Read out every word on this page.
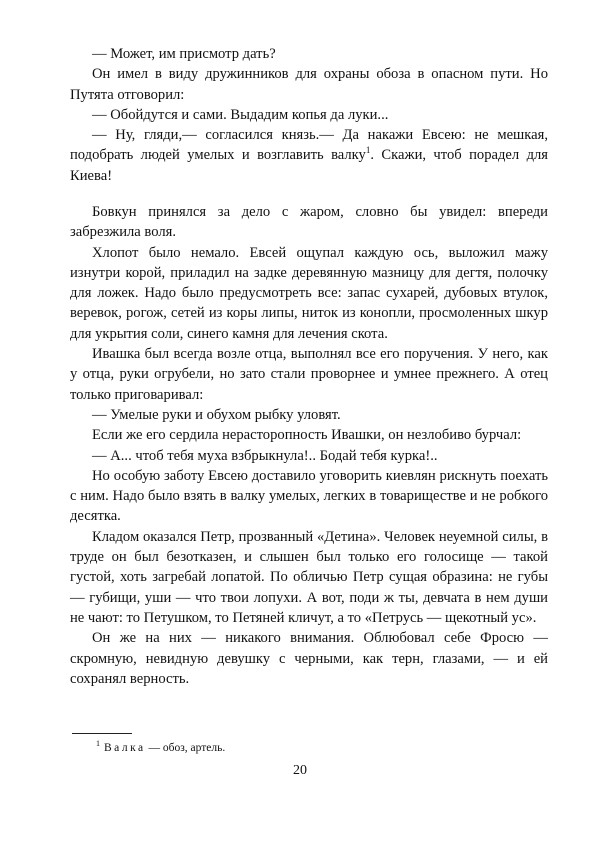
— Может, им присмотр дать?

Он имел в виду дружинников для охраны обоза в опасном пути. Но Путята отговорил:

— Обойдутся и сами. Выдадим копья да луки...

— Ну, гляди,— согласился князь.— Да накажи Евсею: не мешкая, подобрать людей умелых и возглавить валку$^1$. Скажи, чтоб порадел для Киева!

Бовкун принялся за дело с жаром, словно бы увидел: впереди забрезжила воля.

Хлопот было немало. Евсей ощупал каждую ось, выложил мажу изнутри корой, приладил на задке деревянную мазницу для дегтя, полочку для ложек. Надо было предусмотреть все: запас сухарей, дубовых втулок, веревок, рогож, сетей из коры липы, ниток из конопли, просмоленных шкур для укрытия соли, синего камня для лечения скота.

Ивашка был всегда возле отца, выполнял все его поручения. У него, как у отца, руки огрубели, но зато стали проворнее и умнее прежнего. А отец только приговаривал:

— Умелые руки и обухом рыбку уловят.

Если же его сердила нерасторопность Ивашки, он незлобиво бурчал:

— А... чтоб тебя муха взбрыкнула!.. Бодай тебя курка!..

Но особую заботу Евсею доставило уговорить киевлян рискнуть поехать с ним. Надо было взять в валку умелых, легких в товариществе и не робкого десятка.

Кладом оказался Петр, прозванный «Детина». Человек неуемной силы, в труде он был безотказен, и слышен был только его голосище — такой густой, хоть загребай лопатой. По обличью Петр сущая образина: не губы — губищи, уши — что твои лопухи. А вот, поди ж ты, девчата в нем души не чают: то Петушком, то Петяней кличут, а то «Петрусь — щекотный ус».

Он же на них — никакого внимания. Облюбовал себе Фросю — скромную, невидную девушку с черными, как терн, глазами, — и ей сохранял верность.

$^1$ Валка — обоз, артель.
20
